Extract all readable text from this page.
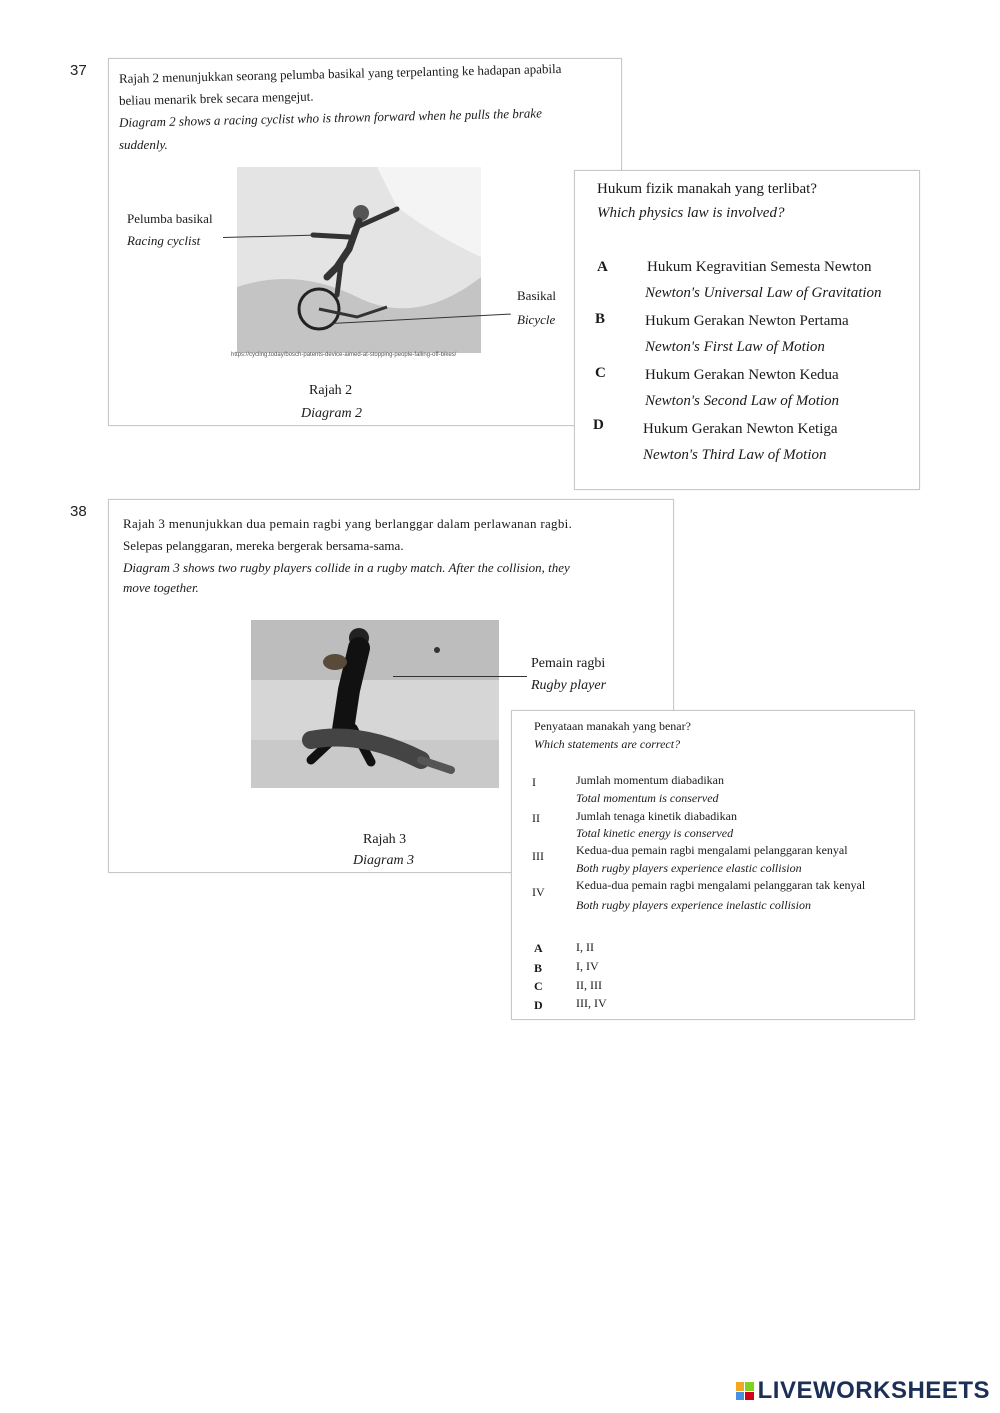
37 Rajah 2 menunjukkan seorang pelumba basikal yang terpelanting ke hadapan apabila
beliau menarik brek secara mengejut.
Diagram 2 shows a racing cyclist who is thrown forward when he pulls the brake
suddenly.
https://cycling.today/bosch-patents-device-aimed-at-stopping-people-falling-off-bikes/
Pelumba basikal
Racing cyclist
Basikal
Bicycle
Rajah 2
Diagram 2
Hukum fizik manakah yang terlibat?
Which physics law is involved?
A	Hukum Kegravitian Semesta Newton
Newton's Universal Law of Gravitation
B	Hukum Gerakan Newton Pertama
Newton's First Law of Motion
C	Hukum Gerakan Newton Kedua
Newton's Second Law of Motion
D	Hukum Gerakan Newton Ketiga
Newton's Third Law of Motion
38
Rajah 3 menunjukkan dua pemain ragbi yang berlanggar dalam perlawanan ragbi.
Selepas pelanggaran, mereka bergerak bersama-sama.
Diagram 3 shows two rugby players collide in a rugby match. After the collision, they
move together.

Pemain ragbi
Rugby player
Rajah 3
Diagram 3
Penyataan manakah yang benar?
Which statements are correct?
I	Jumlah momentum diabadikan
Total momentum is conserved
II	Jumlah tenaga kinetik diabadikan
Total kinetic energy is conserved
III	Kedua-dua pemain ragbi mengalami pelanggaran kenyal
Both rugby players experience elastic collision
IV	Kedua-dua pemain ragbi mengalami pelanggaran tak kenyal
Both rugby players experience inelastic collision
A	I, II
B	I, IV
C	II, III
D	III, IV
LIVEWORKSHEETS
